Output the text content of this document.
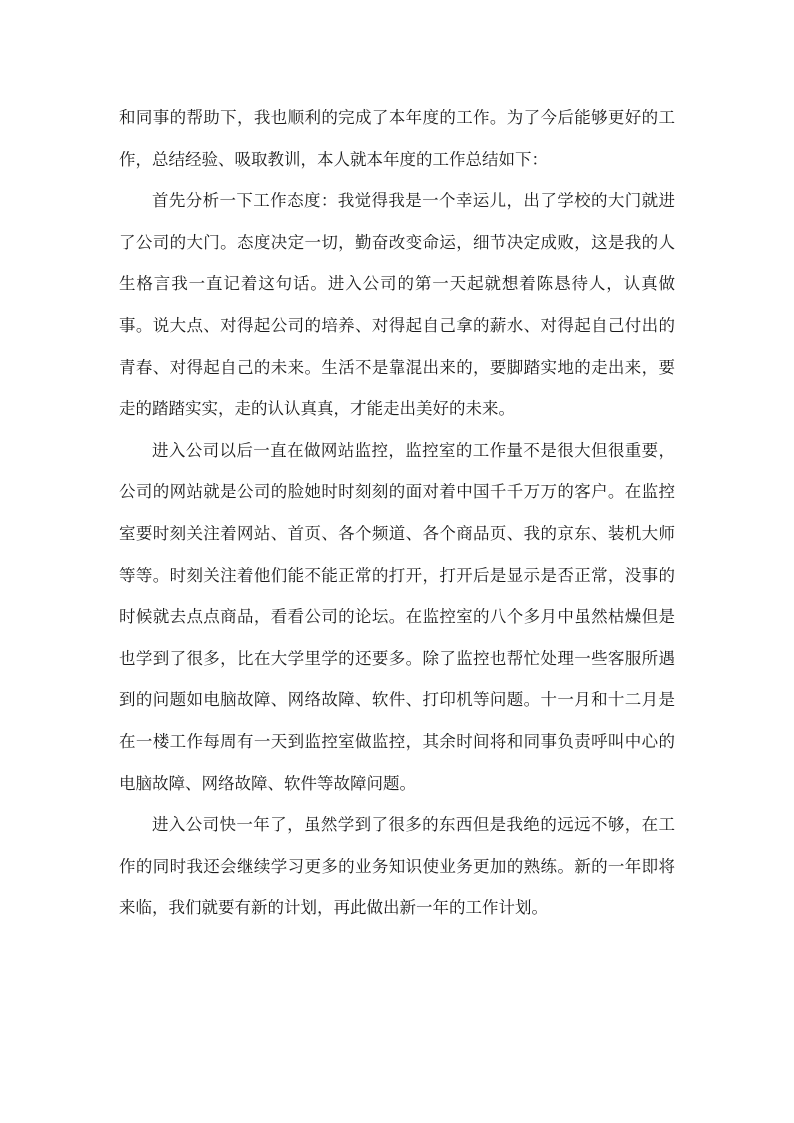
和同事的帮助下，我也顺利的完成了本年度的工作。为了今后能够更好的工作，总结经验、吸取教训，本人就本年度的工作总结如下：

首先分析一下工作态度：我觉得我是一个幸运儿，出了学校的大门就进了公司的大门。态度决定一切，勤奋改变命运，细节决定成败，这是我的人生格言我一直记着这句话。进入公司的第一天起就想着陈恳待人，认真做事。说大点、对得起公司的培养、对得起自己拿的薪水、对得起自己付出的青春、对得起自己的未来。生活不是靠混出来的，要脚踏实地的走出来，要走的踏踏实实，走的认认真真，才能走出美好的未来。

进入公司以后一直在做网站监控，监控室的工作量不是很大但很重要，公司的网站就是公司的脸她时时刻刻的面对着中国千千万万的客户。在监控室要时刻关注着网站、首页、各个频道、各个商品页、我的京东、装机大师等等。时刻关注着他们能不能正常的打开，打开后是显示是否正常，没事的时候就去点点商品，看看公司的论坛。在监控室的八个多月中虽然枯燥但是也学到了很多，比在大学里学的还要多。除了监控也帮忙处理一些客服所遇到的问题如电脑故障、网络故障、软件、打印机等问题。十一月和十二月是在一楼工作每周有一天到监控室做监控，其余时间将和同事负责呼叫中心的电脑故障、网络故障、软件等故障问题。

进入公司快一年了，虽然学到了很多的东西但是我绝的远远不够，在工作的同时我还会继续学习更多的业务知识使业务更加的熟练。新的一年即将来临，我们就要有新的计划，再此做出新一年的工作计划。
